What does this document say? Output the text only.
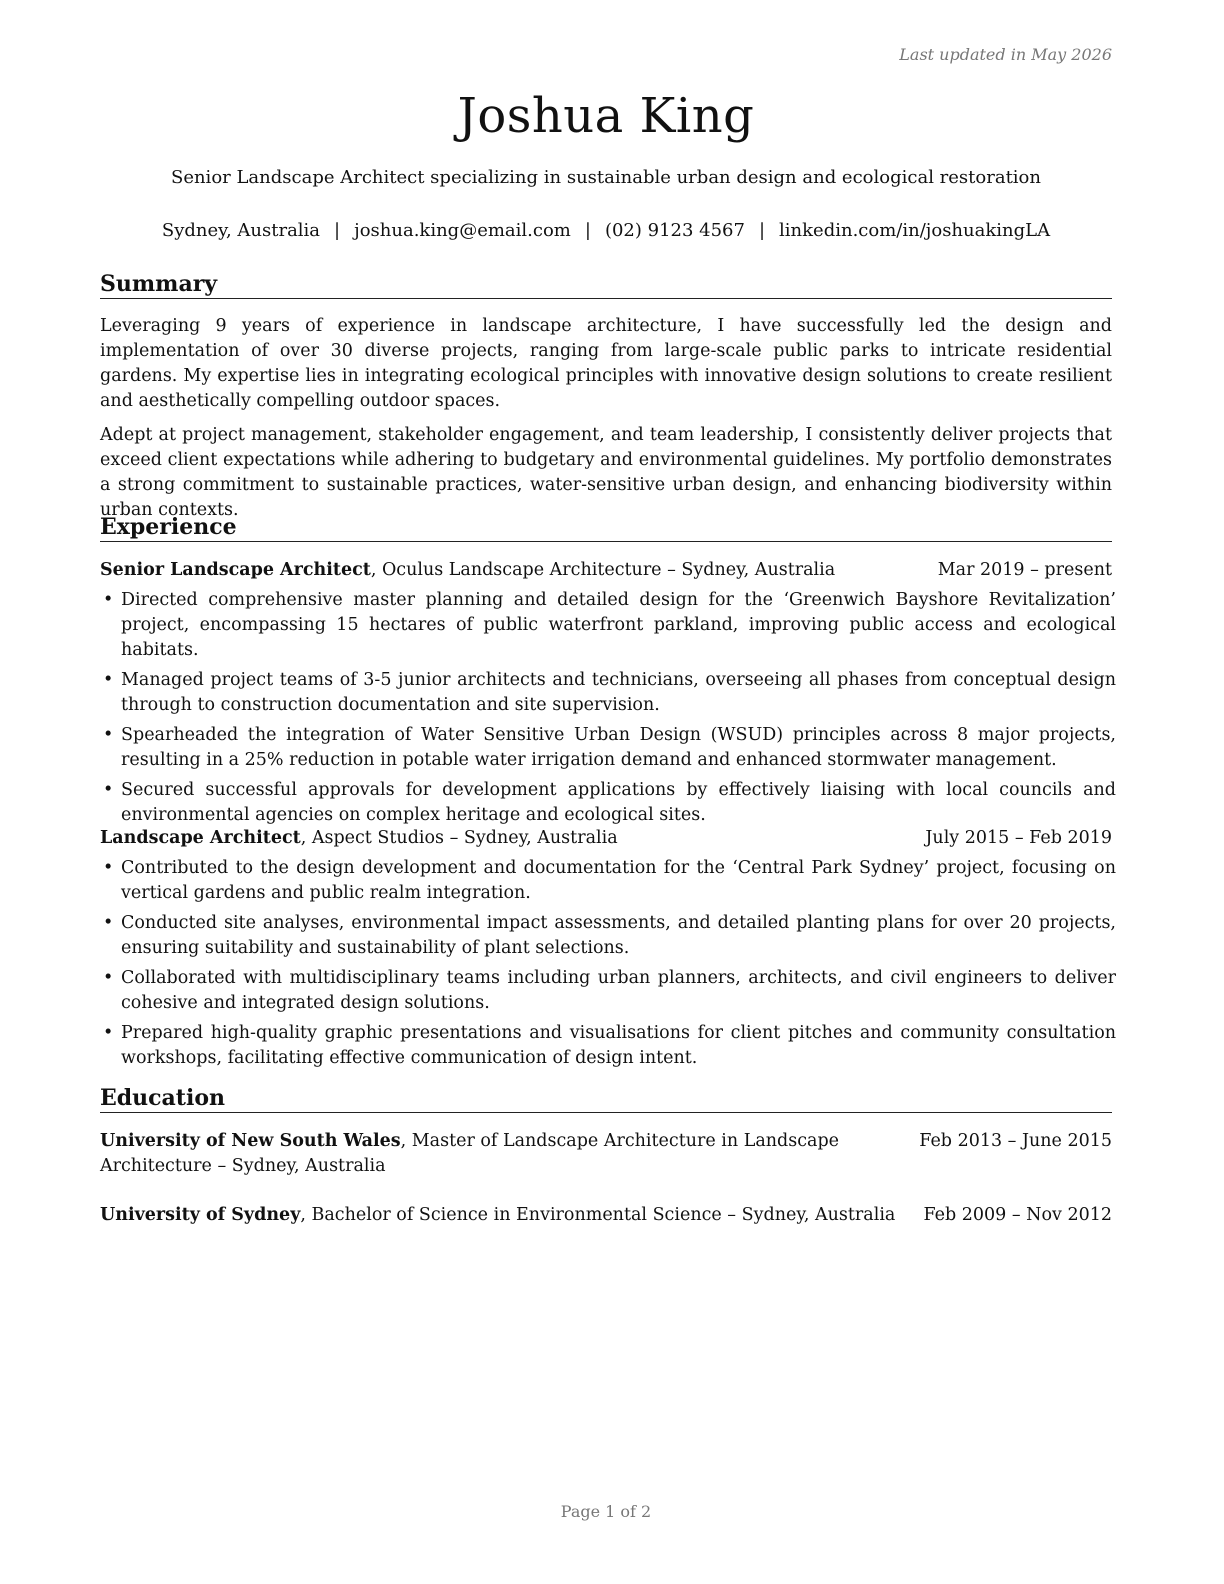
Last updated in May 2026
Joshua King
Senior Landscape Architect specializing in sustainable urban design and ecological restoration
Sydney, Australia | joshua.king@email.com | (02) 9123 4567 | linkedin.com/in/joshuakingLA
Summary

Leveraging 9 years of experience in landscape architecture, I have successfully led the design and implementation of over 30 diverse projects, ranging from large-scale public parks to intricate residential gardens. My expertise lies in integrating ecological principles with innovative design solutions to create resilient and aesthetically compelling outdoor spaces.

Adept at project management, stakeholder engagement, and team leadership, I consistently deliver projects that exceed client expectations while adhering to budgetary and environmental guidelines. My portfolio demonstrates a strong commitment to sustainable practices, water-sensitive urban design, and enhancing biodiversity within urban contexts.

Experience
Senior Landscape Architect, Oculus Landscape Architecture – Sydney, Australia	Mar 2019 – present
• Directed comprehensive master planning and detailed design for the ‘Greenwich Bayshore Revitalization’ project, encompassing 15 hectares of public waterfront parkland, improving public access and ecological habitats.
• Managed project teams of 3-5 junior architects and technicians, overseeing all phases from conceptual design through to construction documentation and site supervision.
• Spearheaded the integration of Water Sensitive Urban Design (WSUD) principles across 8 major projects, resulting in a 25% reduction in potable water irrigation demand and enhanced stormwater management.
• Secured successful approvals for development applications by effectively liaising with local councils and environmental agencies on complex heritage and ecological sites.
Landscape Architect, Aspect Studios – Sydney, Australia	July 2015 – Feb 2019
• Contributed to the design development and documentation for the ‘Central Park Sydney’ project, focusing on vertical gardens and public realm integration.
• Conducted site analyses, environmental impact assessments, and detailed planting plans for over 20 projects, ensuring suitability and sustainability of plant selections.
• Collaborated with multidisciplinary teams including urban planners, architects, and civil engineers to deliver cohesive and integrated design solutions.
• Prepared high-quality graphic presentations and visualisations for client pitches and community consultation workshops, facilitating effective communication of design intent.
Education
University of New South Wales, Master of Landscape Architecture in Landscape Architecture – Sydney, Australia
Feb 2013 – June 2015
University of Sydney, Bachelor of Science in Environmental Science – Sydney, Australia Feb 2009 – Nov 2012
Page 1 of 2
